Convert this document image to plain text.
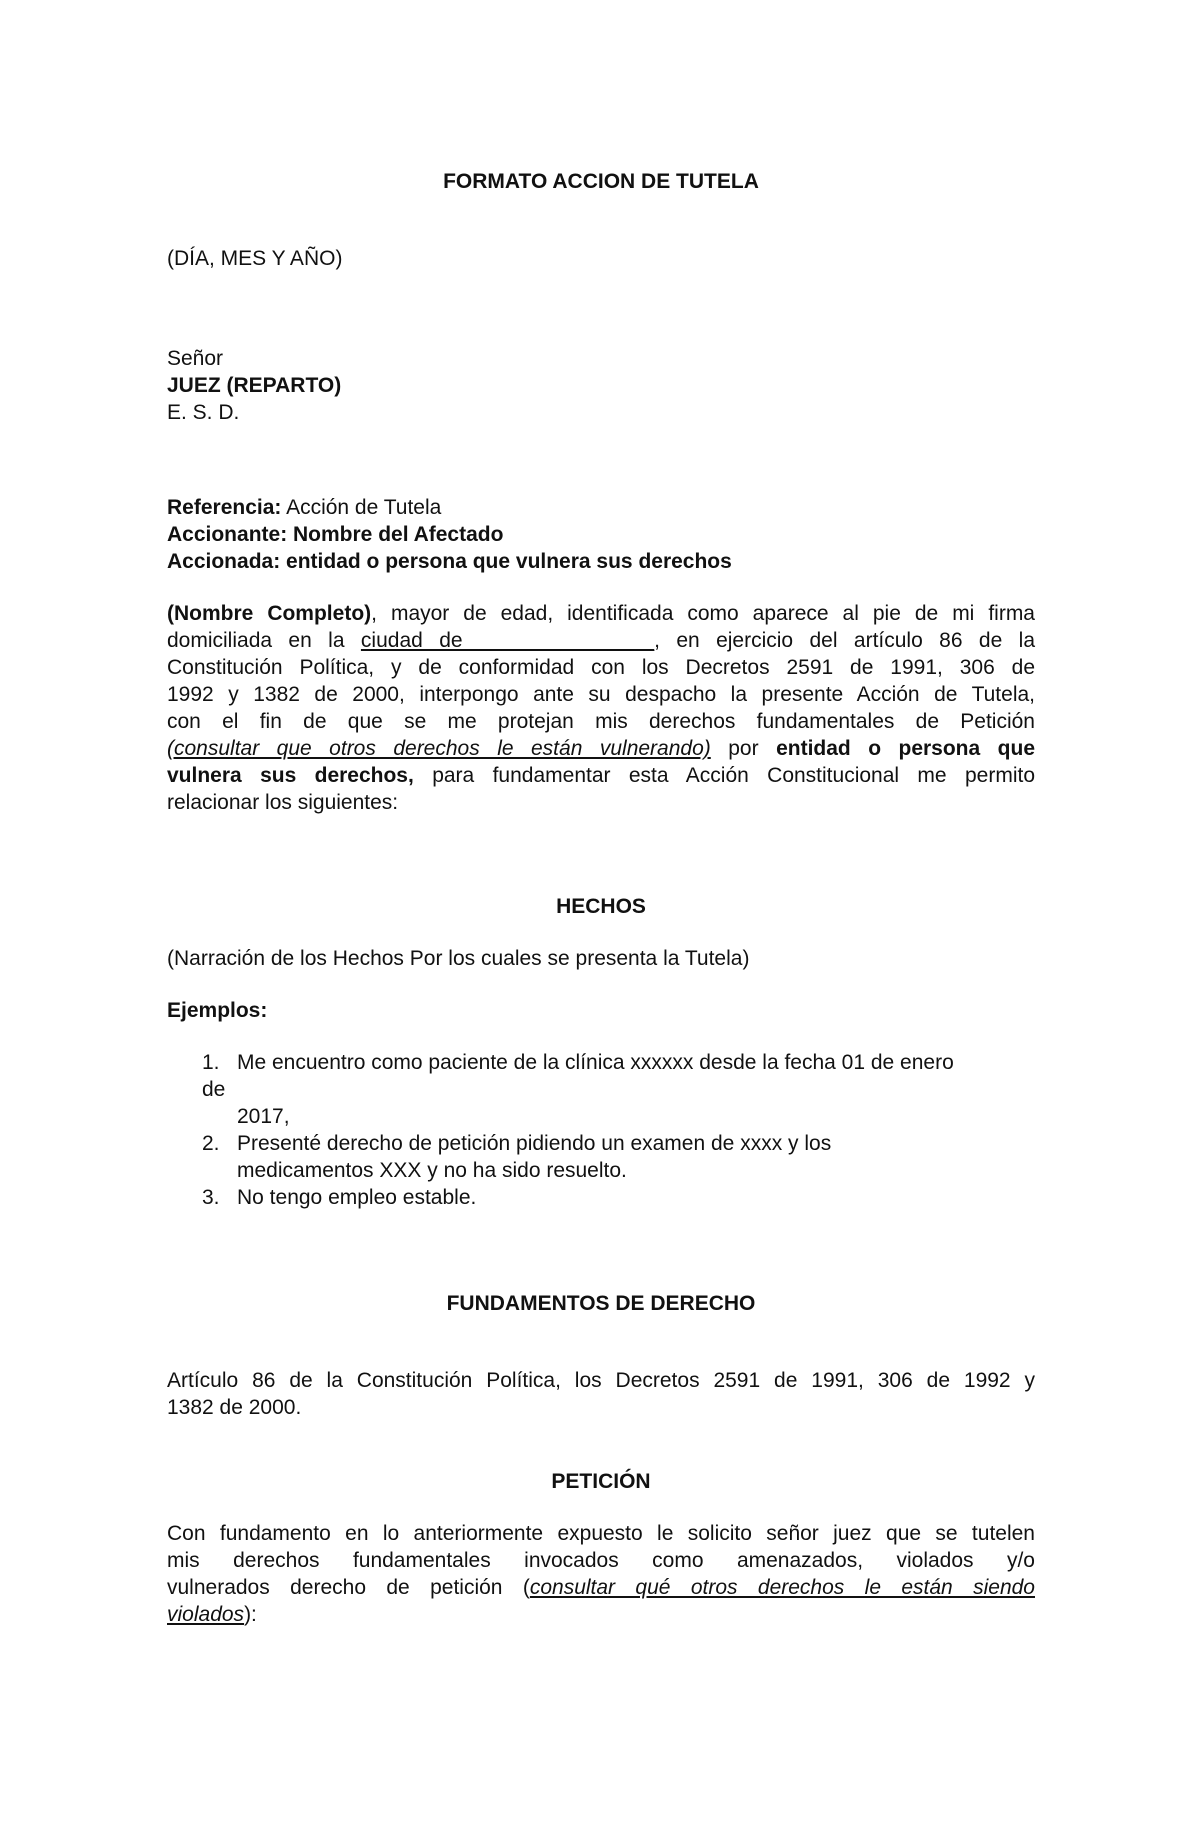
FORMATO ACCION DE TUTELA
(DÍA, MES Y AÑO)
Señor
JUEZ (REPARTO)
E. S. D.
Referencia: Acción de Tutela
Accionante: Nombre del Afectado
Accionada: entidad o persona que vulnera sus derechos
(Nombre Completo), mayor de edad, identificada como aparece al pie de mi firma
domiciliada en la ciudad de _______________, en ejercicio del artículo 86 de la
Constitución Política, y de conformidad con los Decretos 2591 de 1991, 306 de
1992 y 1382 de 2000, interpongo ante su despacho la presente Acción de Tutela,
con el fin de que se me protejan mis derechos fundamentales de Petición
(consultar que otros derechos le están vulnerando) por entidad o persona que
vulnera sus derechos, para fundamentar esta Acción Constitucional me permito
relacionar los siguientes:
HECHOS
(Narración de los Hechos Por los cuales se presenta la Tutela)
Ejemplos:
1. Me encuentro como paciente de la clínica xxxxxx desde la fecha 01 de enero
de
2017,
2. Presenté derecho de petición pidiendo un examen de xxxx y los
medicamentos XXX y no ha sido resuelto.
3. No tengo empleo estable.
FUNDAMENTOS DE DERECHO
Artículo 86 de la Constitución Política, los Decretos 2591 de 1991, 306 de 1992 y
1382 de 2000.
PETICIÓN
Con fundamento en lo anteriormente expuesto le solicito señor juez que se tutelen
mis derechos fundamentales invocados como amenazados, violados y/o
vulnerados derecho de petición (consultar qué otros derechos le están siendo
violados):
